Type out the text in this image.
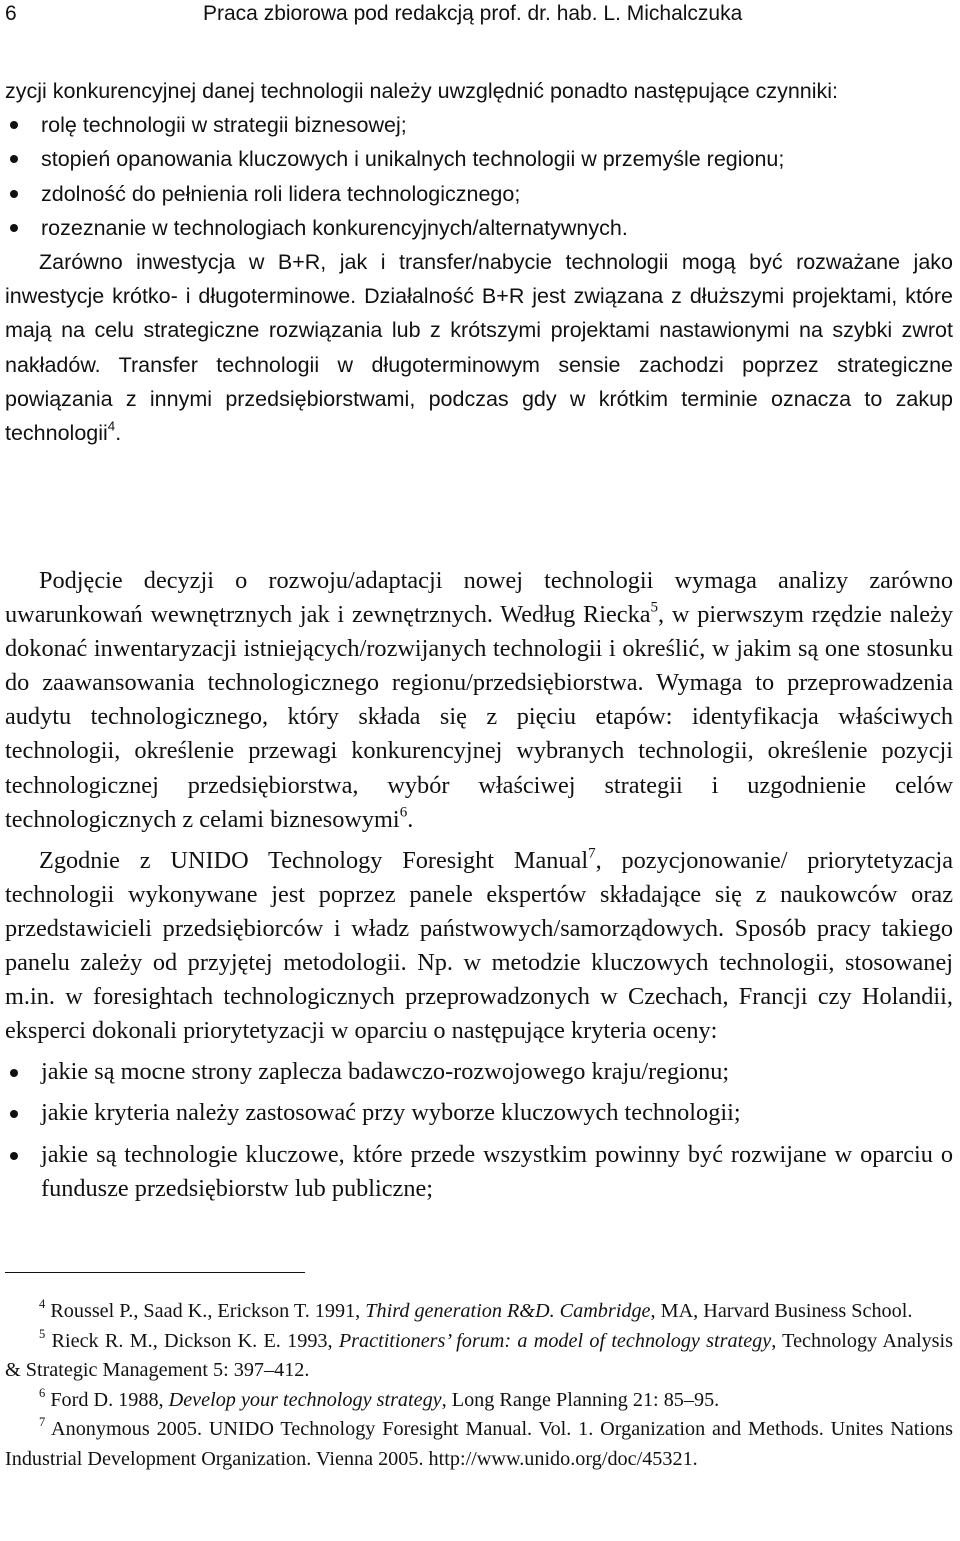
6	Praca zbiorowa pod redakcją prof. dr. hab. L. Michalczuka

zycji konkurencyjnej danej technologii należy uwzględnić ponadto następujące czynniki:

rolę technologii w strategii biznesowej;
stopień opanowania kluczowych i unikalnych technologii w przemyśle regionu;
zdolność do pełnienia roli lidera technologicznego;
rozeznanie w technologiach konkurencyjnych/alternatywnych.

Zarówno inwestycja w B+R, jak i transfer/nabycie technologii mogą być rozważane jako inwestycje krótko- i długoterminowe. Działalność B+R jest związana z dłuższymi projektami, które mają na celu strategiczne rozwiązania lub z krótszymi projektami nastawionymi na szybki zwrot nakładów. Transfer technologii w długoterminowym sensie zachodzi poprzez strategiczne powiązania z innymi przedsiębiorstwami, podczas gdy w krótkim terminie oznacza to zakup technologii$^4$.

Podjęcie decyzji o rozwoju/adaptacji nowej technologii wymaga analizy zarówno uwarunkowań wewnętrznych jak i zewnętrznych. Według Riecka$^5$, w pierwszym rzędzie należy dokonać inwentaryzacji istniejących/rozwijanych technologii i określić, w jakim są one stosunku do zaawansowania technologicznego regionu/przedsiębiorstwa. Wymaga to przeprowadzenia audytu technologicznego, który składa się z pięciu etapów: identyfikacja właściwych technologii, określenie przewagi konkurencyjnej wybranych technologii, określenie pozycji technologicznej przedsiębiorstwa, wybór właściwej strategii i uzgodnienie celów technologicznych z celami biznesowymi$^6$.

Zgodnie z UNIDO Technology Foresight Manual$^7$, pozycjonowanie/ priorytetyzacja technologii wykonywane jest poprzez panele ekspertów składające się z naukowców oraz przedstawicieli przedsiębiorców i władz państwowych/samorządowych. Sposób pracy takiego panelu zależy od przyjętej metodologii. Np. w metodzie kluczowych technologii, stosowanej m.in. w foresightach technologicznych przeprowadzonych w Czechach, Francji czy Holandii, eksperci dokonali priorytetyzacji w oparciu o następujące kryteria oceny:

jakie są mocne strony zaplecza badawczo-rozwojowego kraju/regionu;
jakie kryteria należy zastosować przy wyborze kluczowych technologii;
jakie są technologie kluczowe, które przede wszystkim powinny być rozwijane w oparciu o fundusze przedsiębiorstw lub publiczne;

$^4$ Roussel P., Saad K., Erickson T. 1991, Third generation R&D. Cambridge, MA, Harvard Business School.

$^5$ Rieck R. M., Dickson K. E. 1993, Practitioners’ forum: a model of technology strategy, Technology Analysis & Strategic Management 5: 397–412.

$^6$ Ford D. 1988, Develop your technology strategy, Long Range Planning 21: 85–95.

$^7$ Anonymous 2005. UNIDO Technology Foresight Manual. Vol. 1. Organization and Methods. Unites Nations Industrial Development Organization. Vienna 2005. http://www.unido.org/doc/45321.
